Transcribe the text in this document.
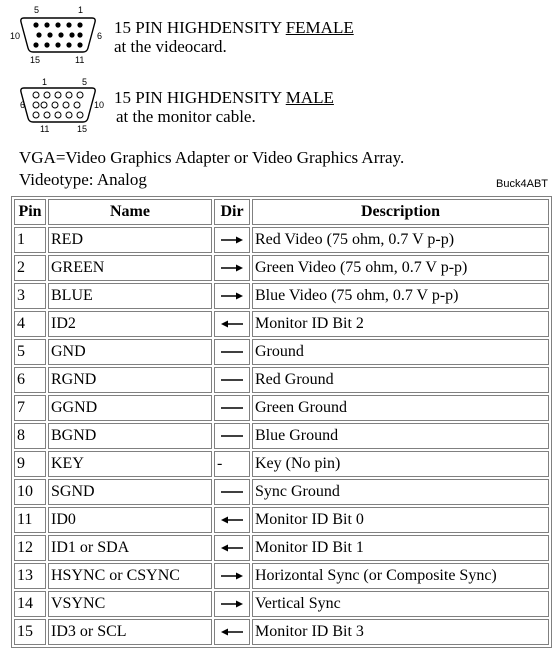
5	1
10	6
15	11
15 PIN HIGHDENSITY FEMALE
at the videocard.
1	5
6	10
11	15
15 PIN HIGHDENSITY MALE
at the monitor cable.
VGA=Video Graphics Adapter or Video Graphics Array.
Videotype: Analog	Buck4ABT
Pin	Name	Dir	Description
1	RED		Red Video (75 ohm, 0.7 V p-p)
2	GREEN		Green Video (75 ohm, 0.7 V p-p)
3	BLUE		Blue Video (75 ohm, 0.7 V p-p)
4	ID2		Monitor ID Bit 2
5	GND		Ground
6	RGND		Red Ground
7	GGND		Green Ground
8	BGND		Blue Ground
9	KEY	-	Key (No pin)
10	SGND		Sync Ground
11	ID0		Monitor ID Bit 0
12	ID1 or SDA		Monitor ID Bit 1
13	HSYNC or CSYNC		Horizontal Sync (or Composite Sync)
14	VSYNC		Vertical Sync
15	ID3 or SCL		Monitor ID Bit 3
